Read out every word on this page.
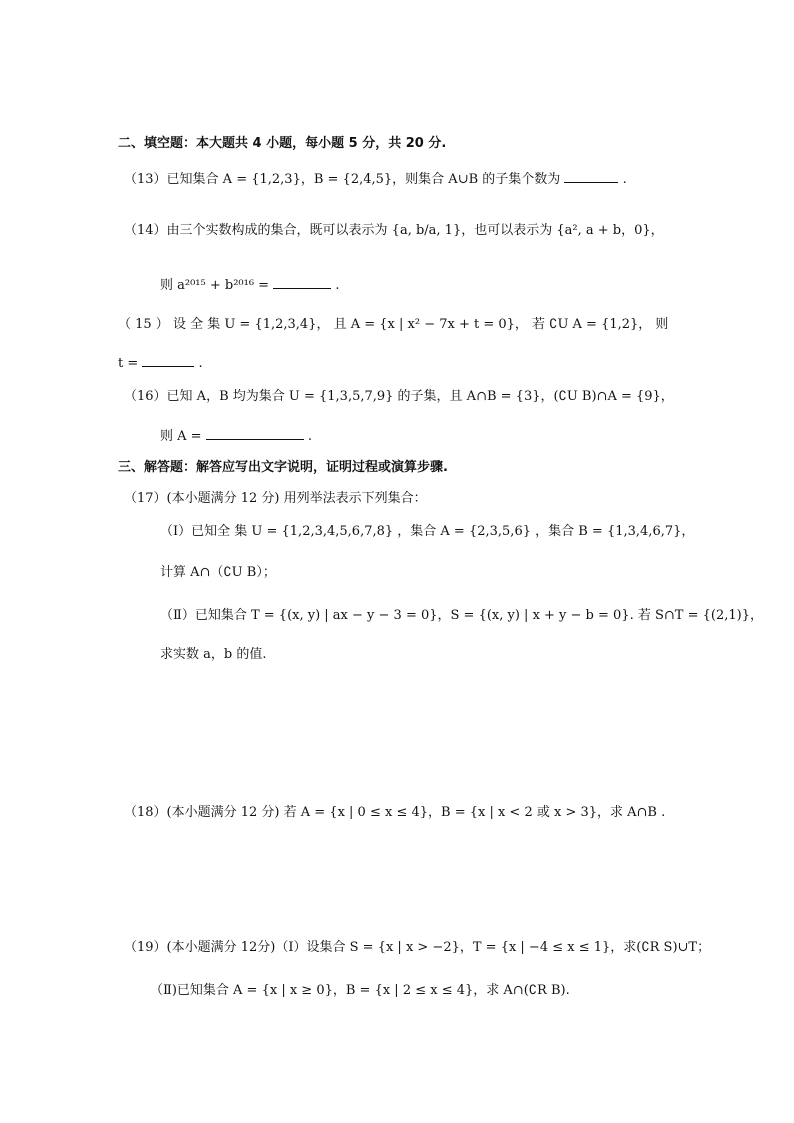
二、填空题：本大题共 4 小题，每小题 5 分，共 20 分.
（13）已知集合 A = {1,2,3}，B = {2,4,5}，则集合 A∪B 的子集个数为	.
（14）由三个实数构成的集合，既可以表示为 {a, b/a, 1}，也可以表示为 {a², a + b，0}，
则 a²⁰¹⁵ + b²⁰¹⁶ =	.
（ 15 ） 设 全 集 U = {1,2,3,4}， 且 A = {x | x² − 7x + t = 0}， 若 ∁U A = {1,2}， 则
t =	.
（16）已知 A，B 均为集合 U = {1,3,5,7,9} 的子集，且 A∩B = {3}，(∁U B)∩A = {9}，
则 A =	.
三、解答题：解答应写出文字说明，证明过程或演算步骤.
（17）(本小题满分 12 分) 用列举法表示下列集合：
（Ⅰ）已知全 集 U = {1,2,3,4,5,6,7,8} ，集合 A = {2,3,5,6} ，集合 B = {1,3,4,6,7}，
计算 A∩（∁U B）；
（Ⅱ）已知集合 T = {(x, y) | ax − y − 3 = 0}，S = {(x, y) | x + y − b = 0}. 若 S∩T = {(2,1)}，
求实数 a，b 的值.
（18）(本小题满分 12 分) 若 A = {x | 0 ≤ x ≤ 4}，B = {x | x < 2 或 x > 3}，求 A∩B .
（19）(本小题满分 12分)（Ⅰ）设集合 S = {x | x > −2}，T = {x | −4 ≤ x ≤ 1}，求(∁R S)∪T；
（Ⅱ)已知集合 A = {x | x ≥ 0}，B = {x | 2 ≤ x ≤ 4}，求 A∩(∁R B).
